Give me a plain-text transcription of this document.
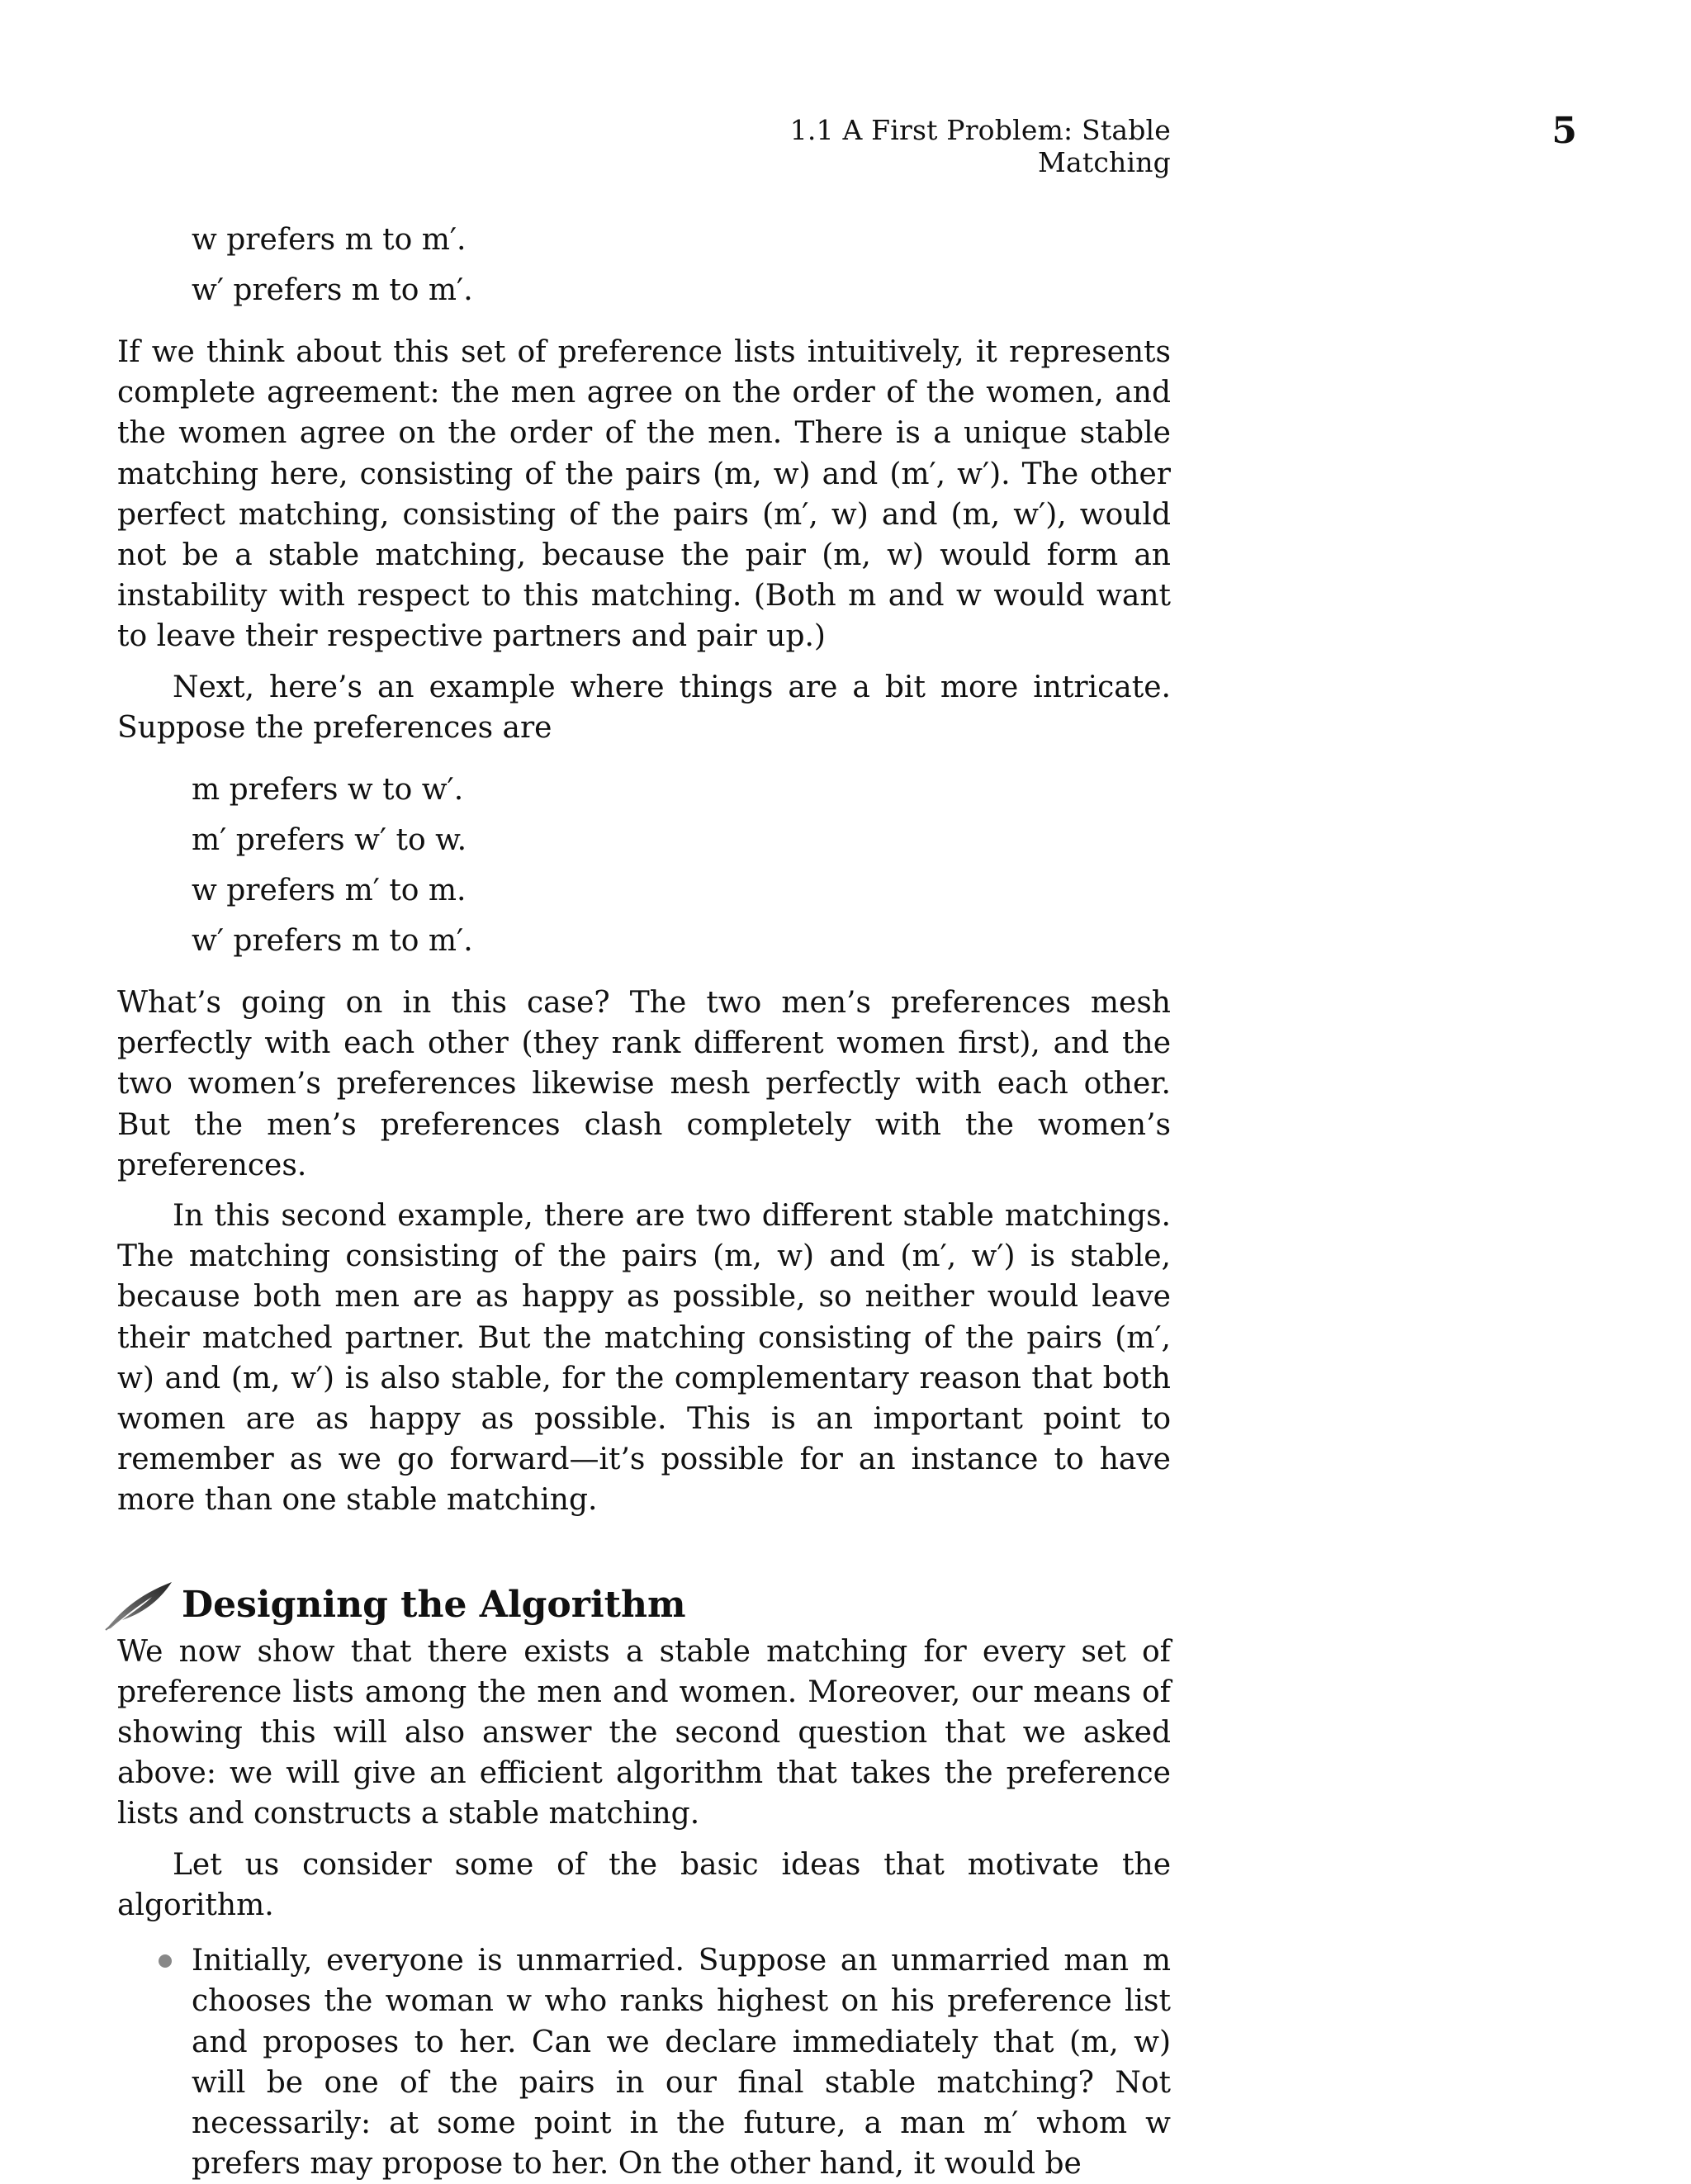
1.1 A First Problem: Stable Matching
5
w prefers m to m′.
w′ prefers m to m′.

If we think about this set of preference lists intuitively, it represents complete agreement: the men agree on the order of the women, and the women agree on the order of the men. There is a unique stable matching here, consisting of the pairs (m, w) and (m′, w′). The other perfect matching, consisting of the pairs (m′, w) and (m, w′), would not be a stable matching, because the pair (m, w) would form an instability with respect to this matching. (Both m and w would want to leave their respective partners and pair up.)

Next, here’s an example where things are a bit more intricate. Suppose the preferences are

m prefers w to w′.
m′ prefers w′ to w.
w prefers m′ to m.
w′ prefers m to m′.

What’s going on in this case? The two men’s preferences mesh perfectly with each other (they rank different women first), and the two women’s preferences likewise mesh perfectly with each other. But the men’s preferences clash completely with the women’s preferences.

In this second example, there are two different stable matchings. The matching consisting of the pairs (m, w) and (m′, w′) is stable, because both men are as happy as possible, so neither would leave their matched partner. But the matching consisting of the pairs (m′, w) and (m, w′) is also stable, for the complementary reason that both women are as happy as possible. This is an important point to remember as we go forward—it’s possible for an instance to have more than one stable matching.

Designing the Algorithm

We now show that there exists a stable matching for every set of preference lists among the men and women. Moreover, our means of showing this will also answer the second question that we asked above: we will give an efficient algorithm that takes the preference lists and constructs a stable matching.

Let us consider some of the basic ideas that motivate the algorithm.

Initially, everyone is unmarried. Suppose an unmarried man m chooses the woman w who ranks highest on his preference list and proposes to her. Can we declare immediately that (m, w) will be one of the pairs in our final stable matching? Not necessarily: at some point in the future, a man m′ whom w prefers may propose to her. On the other hand, it would be
